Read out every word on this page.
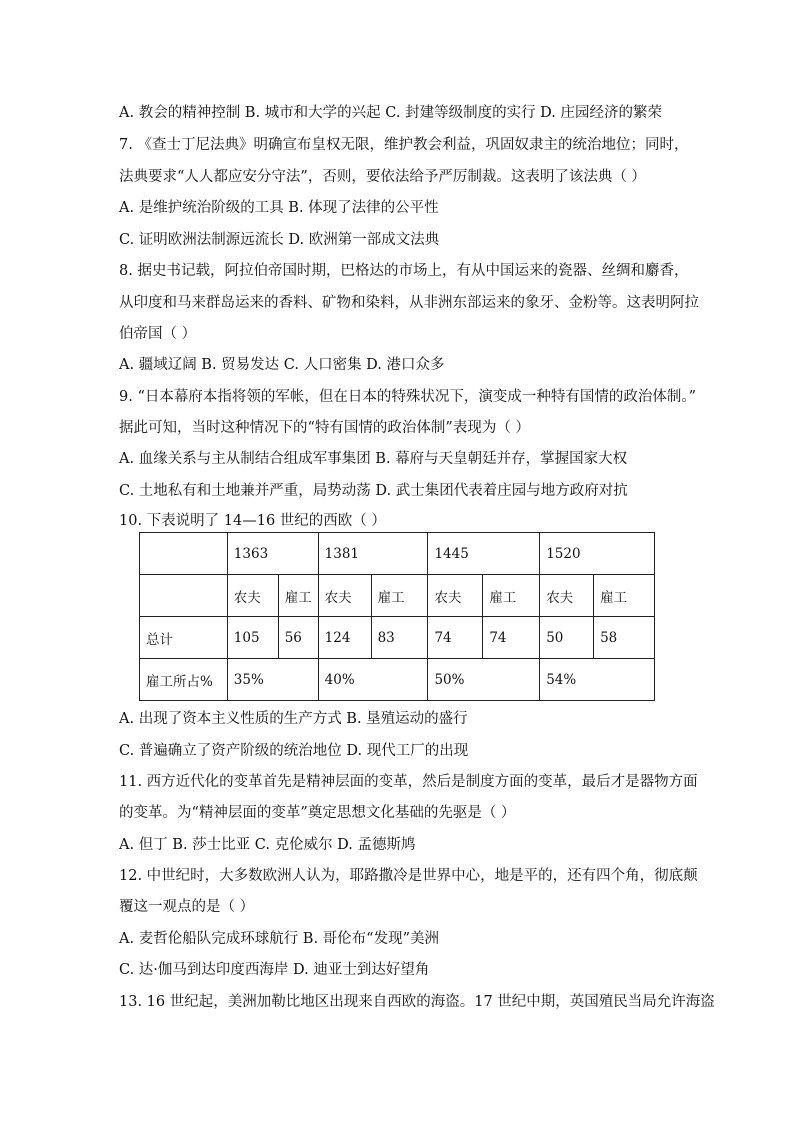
A. 教会的精神控制 B. 城市和大学的兴起 C. 封建等级制度的实行 D. 庄园经济的繁荣
7. 《查士丁尼法典》明确宣布皇权无限，维护教会利益，巩固奴隶主的统治地位；同时，
法典要求“人人都应安分守法”，否则，要依法给予严厉制裁。这表明了该法典（ ）
A. 是维护统治阶级的工具 B. 体现了法律的公平性
C. 证明欧洲法制源远流长 D. 欧洲第一部成文法典
8. 据史书记载，阿拉伯帝国时期，巴格达的市场上，有从中国运来的瓷器、丝绸和麝香，
从印度和马来群岛运来的香料、矿物和染料，从非洲东部运来的象牙、金粉等。这表明阿拉
伯帝国（ ）
A. 疆域辽阔 B. 贸易发达 C. 人口密集 D. 港口众多
9. “日本幕府本指将领的军帐，但在日本的特殊状况下，演变成一种特有国情的政治体制。”
据此可知，当时这种情况下的“特有国情的政治体制”表现为（ ）
A. 血缘关系与主从制结合组成军事集团 B. 幕府与天皇朝廷并存，掌握国家大权
C. 土地私有和土地兼并严重，局势动荡 D. 武士集团代表着庄园与地方政府对抗
10. 下表说明了 14—16 世纪的西欧（ ）
	1363		1381		1445		1520	
	农夫	雇工	农夫	雇工	农夫	雇工	农夫	雇工
总计	105	56	124	83	74	74	50	58
雇工所占%	35%		40%		50%		54%	
A. 出现了资本主义性质的生产方式 B. 垦殖运动的盛行
C. 普遍确立了资产阶级的统治地位 D. 现代工厂的出现
11. 西方近代化的变革首先是精神层面的变革，然后是制度方面的变革，最后才是器物方面
的变革。为“精神层面的变革”奠定思想文化基础的先驱是（ ）
A. 但丁 B. 莎士比亚 C. 克伦威尔 D. 孟德斯鸠
12. 中世纪时，大多数欧洲人认为，耶路撒冷是世界中心，地是平的，还有四个角，彻底颠
覆这一观点的是（ ）
A. 麦哲伦船队完成环球航行 B. 哥伦布“发现”美洲
C. 达·伽马到达印度西海岸 D. 迪亚士到达好望角
13. 16 世纪起，美洲加勒比地区出现来自西欧的海盗。17 世纪中期，英国殖民当局允许海盗
